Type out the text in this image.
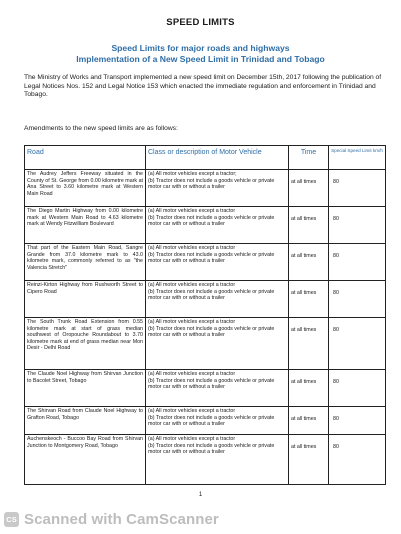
SPEED LIMITS
Speed Limits for major roads and highways
Implementation of a New Speed Limit in Trinidad and Tobago
The Ministry of Works and Transport implemented a new speed limit on December 15th, 2017 following the publication of Legal Notices Nos. 152 and Legal Notice 153 which enacted the immediate regulation and enforcement in Trinidad and Tobago.
Amendments to the new speed limits are as follows:
Road	Class or description of Motor Vehicle	Time	Special Speed Limit km/h
The Audrey Jeffers Freeway situated in the County of St. George from 0.00 kilometre mark at Ana Street to 3.60 kilometre mark at Western Main Road	(a) All motor vehicles except a tractor;
(b) Tractor does not include a goods vehicle or private motor car with or without a trailer	at all times	80
The Diego Martin Highway from 0.00 kilometre mark at Western Main Road to 4.63 kilometre mark at Wendy Fitzwilliam Boulevard	(a) All motor vehicles except a tractor
(b) Tractor does not include a goods vehicle or private motor car with or without a trailer	at all times	80
That part of the Eastern Main Road, Sangre Grande from 37.0 kilometre mark to 43.0 kilometre mark, commonly referred to as "the Valencia Stretch"	(a) All motor vehicles except a tractor
(b) Tractor does not include a goods vehicle or private motor car with or without a trailer	at all times	80
Reinzi-Kirton Highway from Rushworth Street to Cipero Road	(a) All motor vehicles except a tractor
(b) Tractor does not include a goods vehicle or private motor car with or without a trailer	at all times	80
The South Trunk Road Extension from 0.55 kilometre mark at start of grass median southwest of Oropouche Roundabout to 3.70 kilometre mark at end of grass median near Mon Desir - Delhi Road	(a) All motor vehicles except a tractor
(b) Tractor does not include a goods vehicle or private motor car with or without a trailer	at all times	80
The Claude Noel Highway from Shirvan Junction to Bacolet Street, Tobago	(a) All motor vehicles except a tractor
(b) Tractor does not include a goods vehicle or private motor car with or without a trailer	at all times	80
The Shirvan Road from Claude Noel Highway to Grafton Road, Tobago	(a) All motor vehicles except a tractor
(b) Tractor does not include a goods vehicle or private motor car with or without a trailer	at all times	80
Auchenskeoch - Buccoo Bay Road from Shirvan Junction to Montgomery Road, Tobago	(a) All motor vehicles except a tractor
(b) Tractor does not include a goods vehicle or private motor car with or without a trailer	at all times	80
1
CS Scanned with CamScanner
